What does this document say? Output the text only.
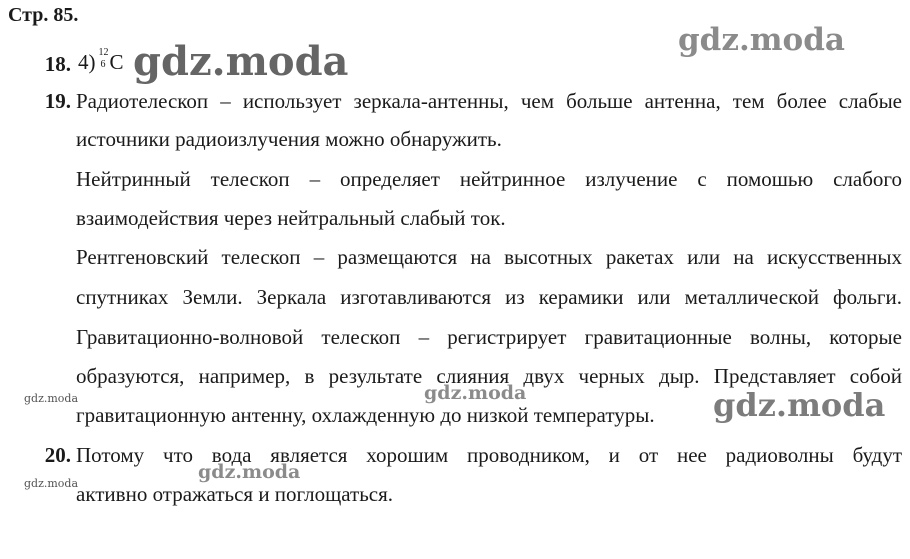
Стр. 85.
18. 4) 12
6 C
19. Радиотелескоп – использует зеркала-антенны, чем больше антенна, тем более слабые
источники радиоизлучения можно обнаружить.
Нейтринный телескоп – определяет нейтринное излучение с помошью слабого
взаимодействия через нейтральный слабый ток.
Рентгеновский телескоп – размещаются на высотных ракетах или на искусственных
спутниках Земли. Зеркала изготавливаются из керамики или металлической фольги.
Гравитационно-волновой телескоп – регистрирует гравитационные волны, которые
образуются, например, в результате слияния двух черных дыр. Представляет собой
гравитационную антенну, охлажденную до низкой температуры.
20. Потому что вода является хорошим проводником, и от нее радиоволны будут
активно отражаться и поглощаться.
gdz.moda	gdz.moda
gdz.moda
gdz.moda
gdz.moda
gdz.moda
gdz.moda
